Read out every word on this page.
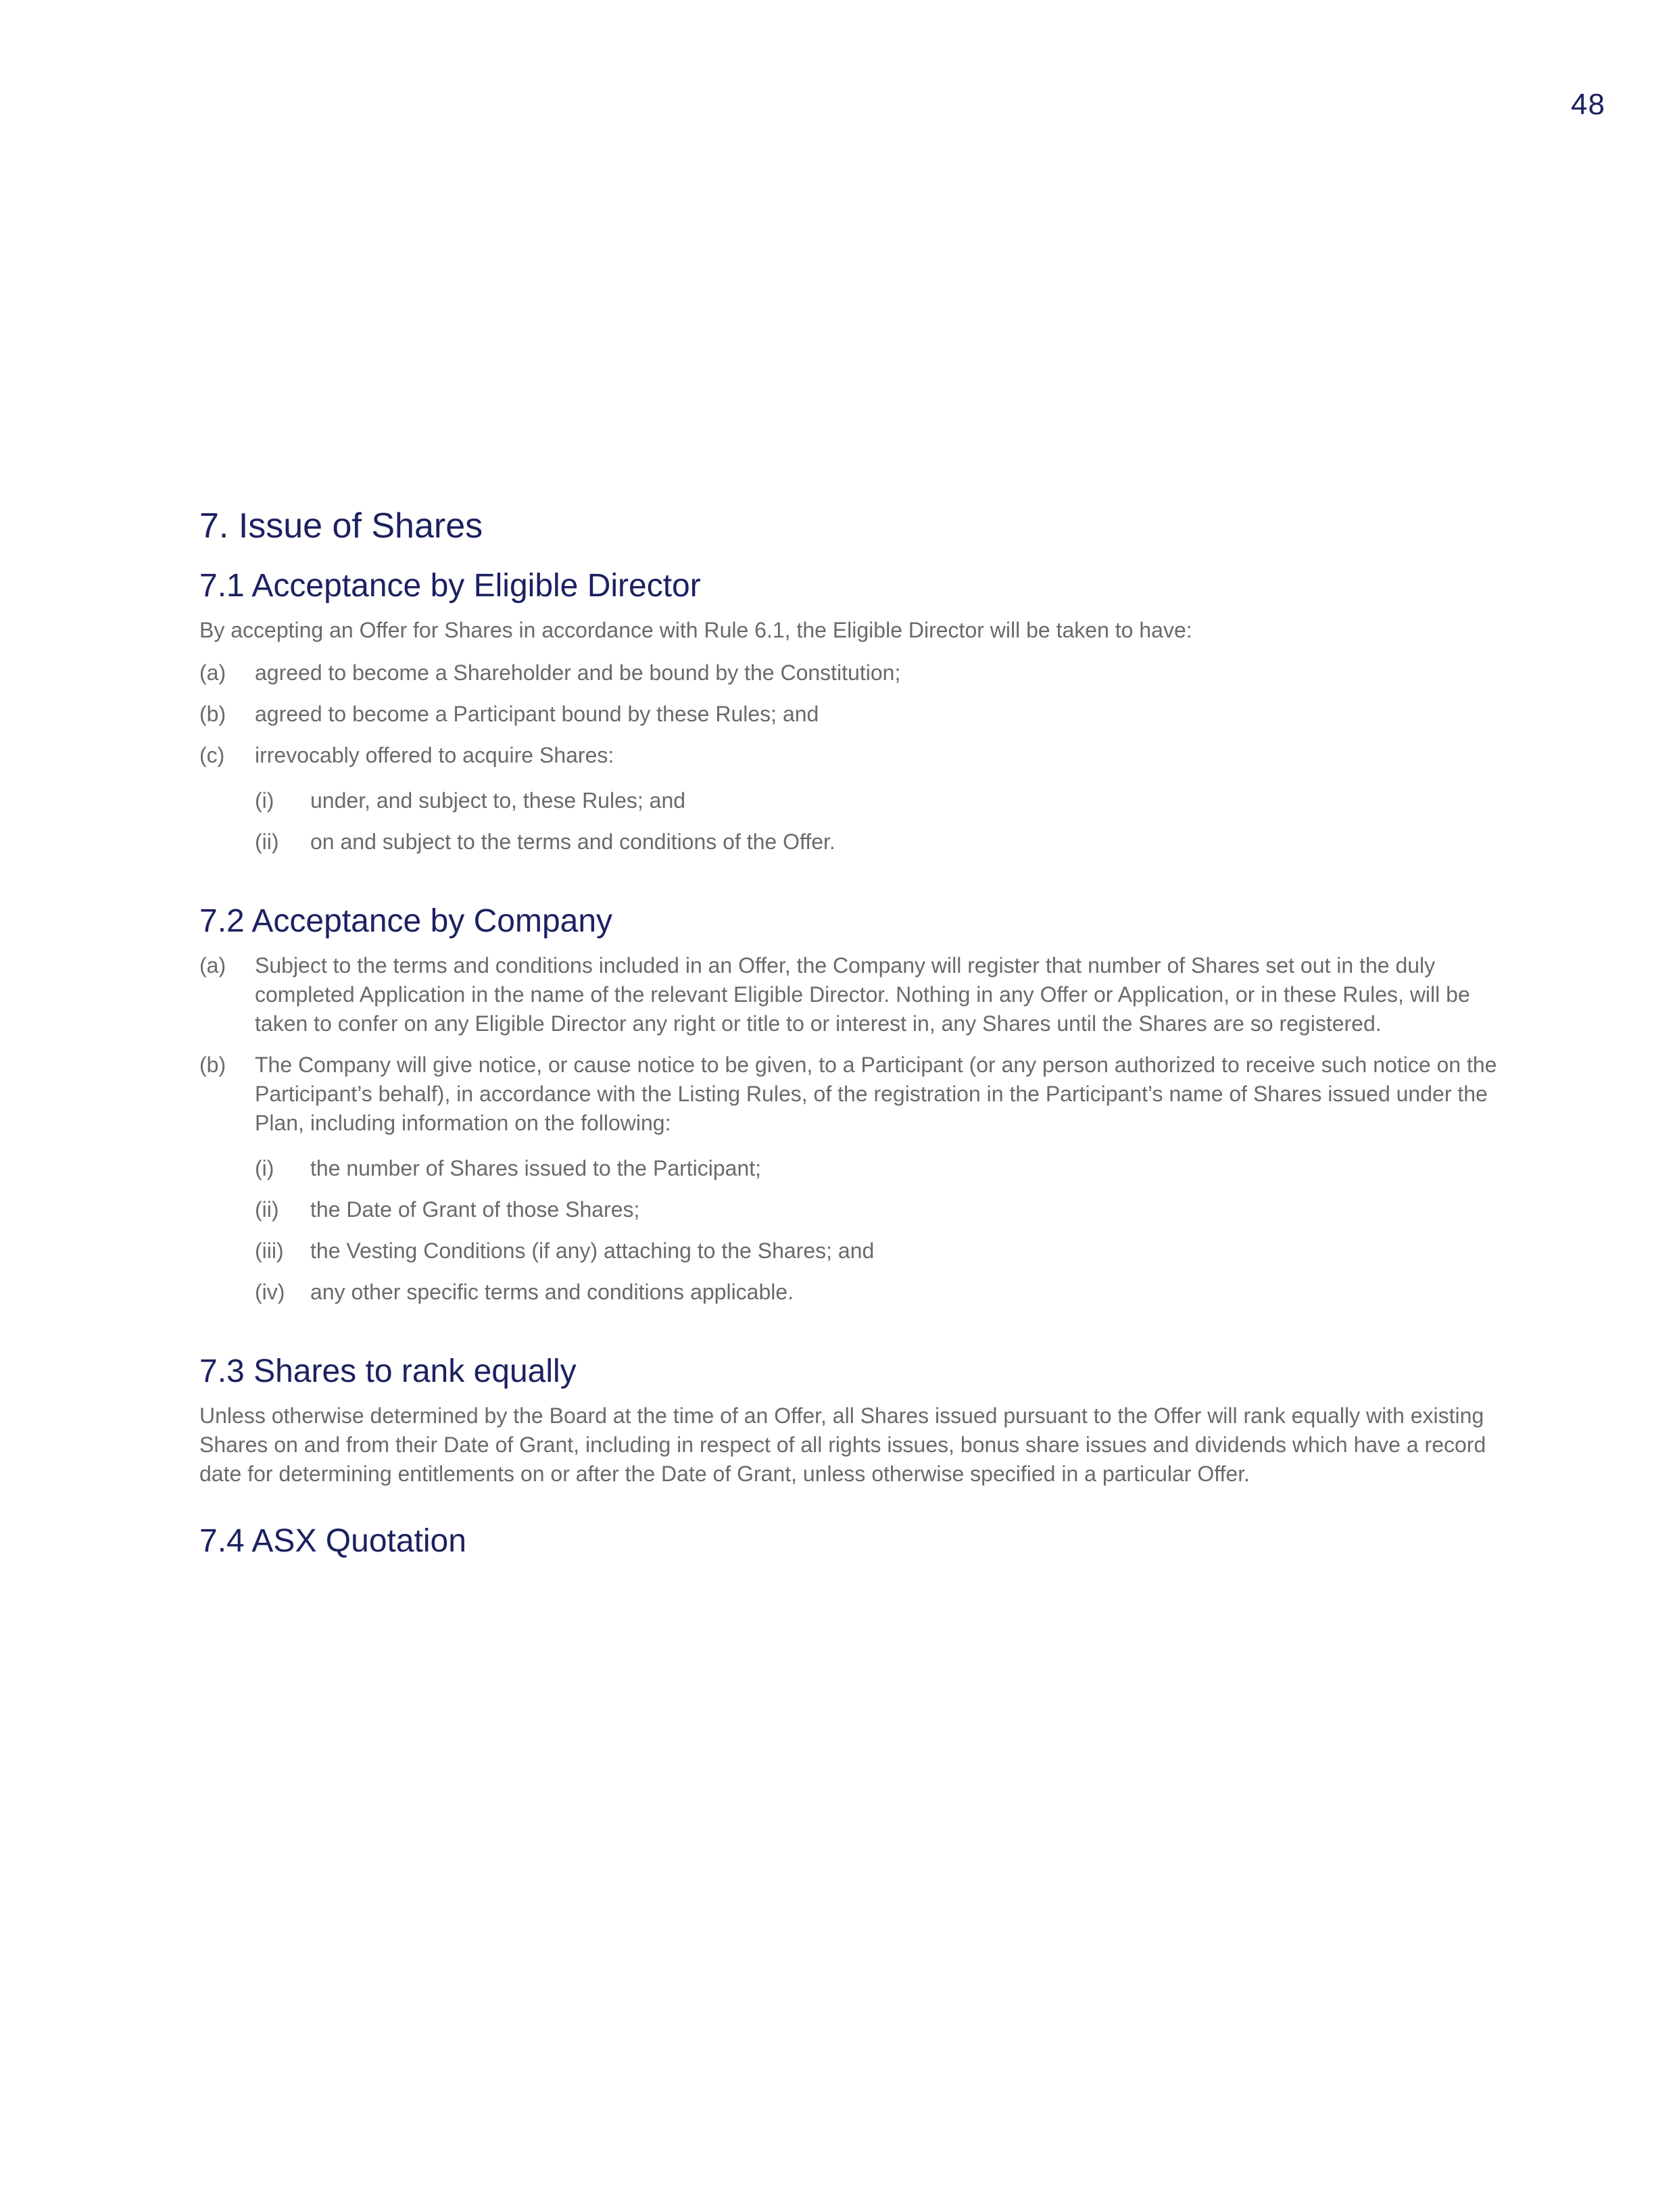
48
7. Issue of Shares
7.1 Acceptance by Eligible Director

By accepting an Offer for Shares in accordance with Rule 6.1, the Eligible Director will be taken to have:

(a)	agreed to become a Shareholder and be bound by the Constitution;
(b)	agreed to become a Participant bound by these Rules; and
(c)	irrevocably offered to acquire Shares:
(i)	under, and subject to, these Rules; and
(ii)	on and subject to the terms and conditions of the Offer.
7.2 Acceptance by Company
(a)	Subject to the terms and conditions included in an Offer, the Company will register that number of Shares set out in the duly completed Application in the name of the relevant Eligible Director. Nothing in any Offer or Application, or in these Rules, will be taken to confer on any Eligible Director any right or title to or interest in, any Shares until the Shares are so registered.
(b)	The Company will give notice, or cause notice to be given, to a Participant (or any person authorized to receive such notice on the Participant’s behalf), in accordance with the Listing Rules, of the registration in the Participant’s name of Shares issued under the Plan, including information on the following:
(i)	the number of Shares issued to the Participant;
(ii)	the Date of Grant of those Shares;
(iii)	the Vesting Conditions (if any) attaching to the Shares; and
(iv)	any other specific terms and conditions applicable.
7.3 Shares to rank equally

Unless otherwise determined by the Board at the time of an Offer, all Shares issued pursuant to the Offer will rank equally with existing Shares on and from their Date of Grant, including in respect of all rights issues, bonus share issues and dividends which have a record date for determining entitlements on or after the Date of Grant, unless otherwise specified in a particular Offer.

7.4 ASX Quotation
